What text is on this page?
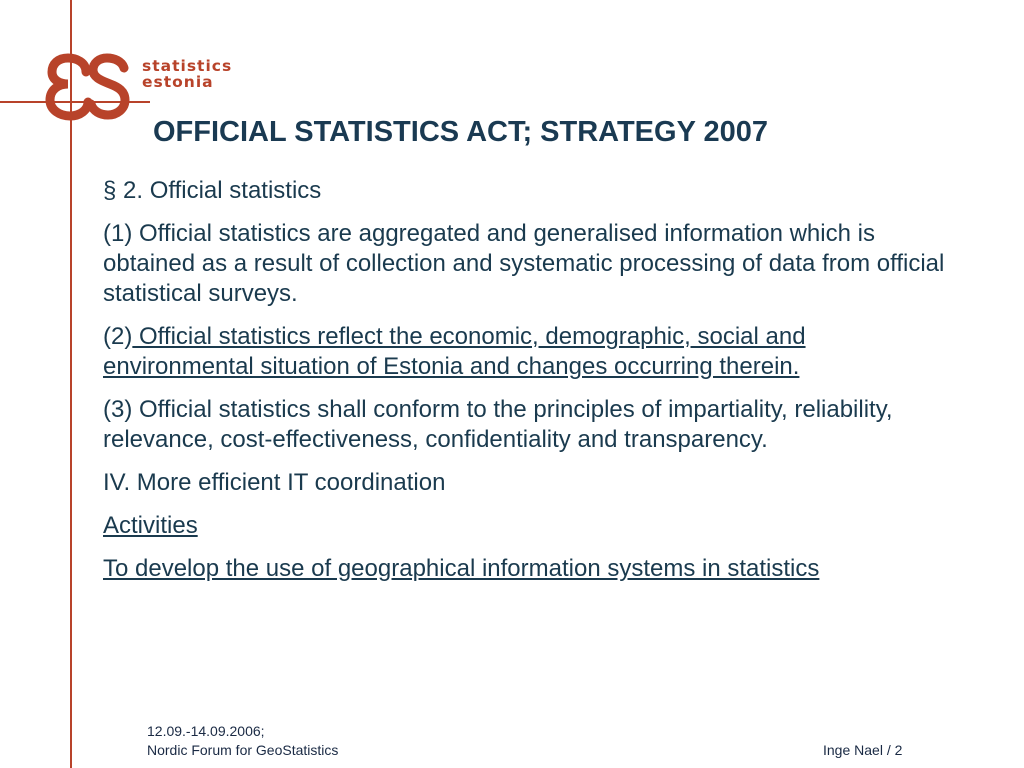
statistics
estonia
OFFICIAL STATISTICS ACT; STRATEGY 2007

§ 2. Official statistics

(1) Official statistics are aggregated and generalised information which is obtained as a result of collection and systematic processing of data from official statistical surveys.

(2) Official statistics reflect the economic, demographic, social and environmental situation of Estonia and changes occurring therein.

(3) Official statistics shall conform to the principles of impartiality, reliability, relevance, cost-effectiveness, confidentiality and transparency.

IV. More efficient IT coordination

Activities

To develop the use of geographical information systems in statistics

12.09.-14.09.2006;
Nordic Forum for GeoStatistics	Inge Nael / 2
